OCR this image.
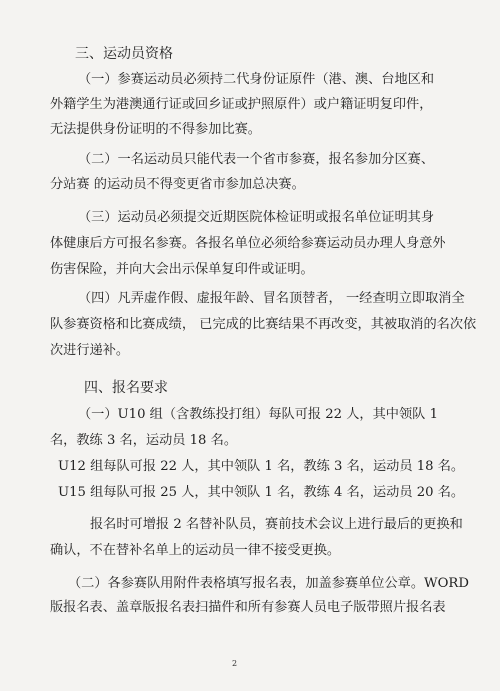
三、运动员资格
（一）参赛运动员必须持二代身份证原件（港、澳、台地区和
外籍学生为港澳通行证或回乡证或护照原件）或户籍证明复印件，
无法提供身份证明的不得参加比赛。
（二）一名运动员只能代表一个省市参赛，报名参加分区赛、
分站赛 的运动员不得变更省市参加总决赛。
（三）运动员必须提交近期医院体检证明或报名单位证明其身
体健康后方可报名参赛。各报名单位必须给参赛运动员办理人身意外
伤害保险，并向大会出示保单复印件或证明。
（四）凡弄虚作假、虚报年龄、冒名顶替者， 一经查明立即取消全
队参赛资格和比赛成绩， 已完成的比赛结果不再改变，其被取消的名次依
次进行递补。
四、报名要求
（一）U10 组（含教练投打组）每队可报 22 人，其中领队 1
名，教练 3 名，运动员 18 名。
U12 组每队可报 22 人，其中领队 1 名，教练 3 名，运动员 18 名。
U15 组每队可报 25 人，其中领队 1 名，教练 4 名，运动员 20 名。
报名时可增报 2 名替补队员，赛前技术会议上进行最后的更换和
确认，不在替补名单上的运动员一律不接受更换。
（二）各参赛队用附件表格填写报名表，加盖参赛单位公章。WORD
版报名表、盖章版报名表扫描件和所有参赛人员电子版带照片报名表
2
